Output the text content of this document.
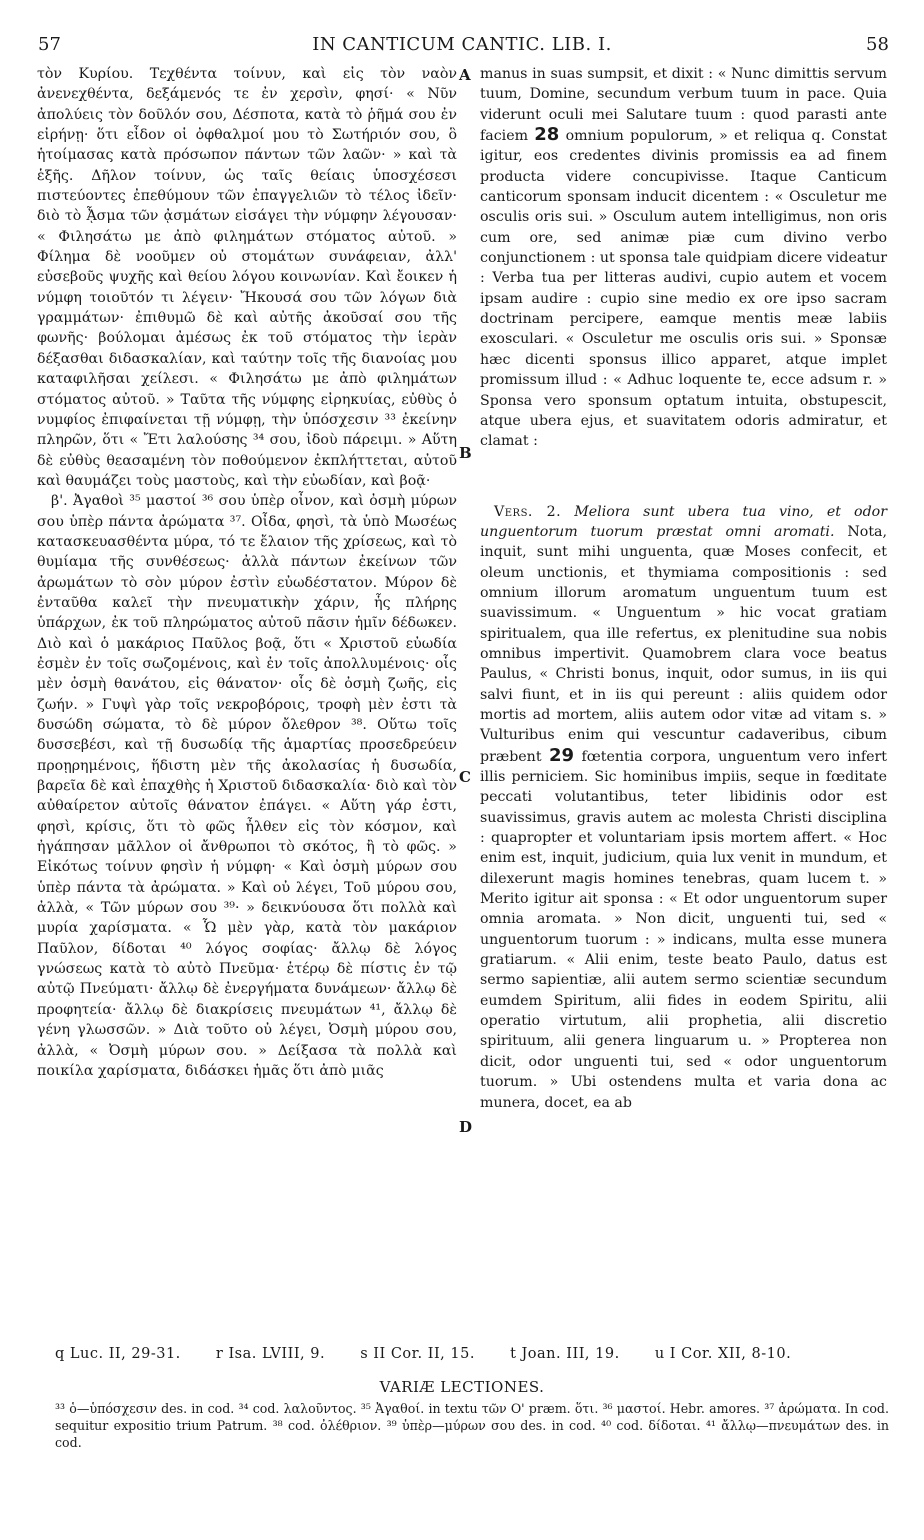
57	IN CANTICUM CANTIC. LIB. I.	58

τὸν Κυρίου. Τεχθέντα τοίνυν, καὶ εἰς τὸν ναὸν ἀνενεχθέντα, δεξάμενός τε ἐν χερσὶν, φησί· « Νῦν ἀπολύεις τὸν δοῦλόν σου, Δέσποτα, κατὰ τὸ ῥῆμά σου ἐν εἰρήνῃ· ὅτι εἶδον οἱ ὀφθαλμοί μου τὸ Σωτήριόν σου, ὃ ἡτοίμασας κατὰ πρόσωπον πάντων τῶν λαῶν· » καὶ τὰ ἑξῆς. Δῆλον τοίνυν, ὡς ταῖς θείαις ὑποσχέσεσι πιστεύοντες ἐπεθύμουν τῶν ἐπαγγελιῶν τὸ τέλος ἰδεῖν· διὸ τὸ ᾎσμα τῶν ᾀσμάτων εἰσάγει τὴν νύμφην λέγουσαν· « Φιλησάτω με ἀπὸ φιλημάτων στόματος αὐτοῦ. » Φίλημα δὲ νοοῦμεν οὐ στομάτων συνάφειαν, ἀλλ' εὐσεβοῦς ψυχῆς καὶ θείου λόγου κοινωνίαν. Καὶ ἔοικεν ἡ νύμφη τοιοῦτόν τι λέγειν· Ἤκουσά σου τῶν λόγων διὰ γραμμάτων· ἐπιθυμῶ δὲ καὶ αὐτῆς ἀκοῦσαί σου τῆς φωνῆς· βούλομαι ἀμέσως ἐκ τοῦ στόματος τὴν ἱερὰν δέξασθαι διδασκαλίαν, καὶ ταύτην τοῖς τῆς διανοίας μου καταφιλῆσαι χείλεσι. « Φιλησάτω με ἀπὸ φιλημάτων στόματος αὐτοῦ. » Ταῦτα τῆς νύμφης εἰρηκυίας, εὐθὺς ὁ νυμφίος ἐπιφαίνεται τῇ νύμφῃ, τὴν ὑπόσχεσιν ³³ ἐκείνην πληρῶν, ὅτι « Ἔτι λαλούσης ³⁴ σου, ἰδοὺ πάρειμι. » Αὕτη δὲ εὐθὺς θεασαμένη τὸν ποθούμενον ἐκπλήττεται, αὐτοῦ καὶ θαυμάζει τοὺς μαστοὺς, καὶ τὴν εὐωδίαν, καὶ βοᾷ·

β'. Ἀγαθοὶ ³⁵ μαστοί ³⁶ σου ὑπὲρ οἶνον, καὶ ὀσμὴ μύρων σου ὑπὲρ πάντα ἀρώματα ³⁷. Οἶδα, φησὶ, τὰ ὑπὸ Μωσέως κατασκευασθέντα μύρα, τό τε ἔλαιον τῆς χρίσεως, καὶ τὸ θυμίαμα τῆς συνθέσεως· ἀλλὰ πάντων ἐκείνων τῶν ἀρωμάτων τὸ σὸν μύρον ἐστὶν εὐωδέστατον. Μύρον δὲ ἐνταῦθα καλεῖ τὴν πνευματικὴν χάριν, ἧς πλήρης ὑπάρχων, ἐκ τοῦ πληρώματος αὐτοῦ πᾶσιν ἡμῖν δέδωκεν. Διὸ καὶ ὁ μακάριος Παῦλος βοᾷ, ὅτι « Χριστοῦ εὐωδία ἐσμὲν ἐν τοῖς σωζομένοις, καὶ ἐν τοῖς ἀπολλυμένοις· οἷς μὲν ὀσμὴ θανάτου, εἰς θάνατον· οἷς δὲ ὀσμὴ ζωῆς, εἰς ζωήν. » Γυψὶ γὰρ τοῖς νεκροβόροις, τροφὴ μὲν ἐστι τὰ δυσώδη σώματα, τὸ δὲ μύρον ὄλεθρον ³⁸. Οὕτω τοῖς δυσσεβέσι, καὶ τῇ δυσωδίᾳ τῆς ἁμαρτίας προσεδρεύειν προῃρημένοις, ἥδιστη μὲν τῆς ἀκολασίας ἡ δυσωδία, βαρεῖα δὲ καὶ ἐπαχθὴς ἡ Χριστοῦ διδασκαλία· διὸ καὶ τὸν αὐθαίρετον αὐτοῖς θάνατον ἐπάγει. « Αὕτη γάρ ἐστι, φησὶ, κρίσις, ὅτι τὸ φῶς ἦλθεν εἰς τὸν κόσμον, καὶ ἠγάπησαν μᾶλλον οἱ ἄνθρωποι τὸ σκότος, ἢ τὸ φῶς. » Εἰκότως τοίνυν φησὶν ἡ νύμφη· « Καὶ ὀσμὴ μύρων σου ὑπὲρ πάντα τὰ ἀρώματα. » Καὶ οὐ λέγει, Τοῦ μύρου σου, ἀλλὰ, « Τῶν μύρων σου ³⁹· » δεικνύουσα ὅτι πολλὰ καὶ μυρία χαρίσματα. « Ὧ μὲν γὰρ, κατὰ τὸν μακάριον Παῦλον, δίδοται ⁴⁰ λόγος σοφίας· ἄλλῳ δὲ λόγος γνώσεως κατὰ τὸ αὐτὸ Πνεῦμα· ἑτέρῳ δὲ πίστις ἐν τῷ αὐτῷ Πνεύματι· ἄλλῳ δὲ ἐνεργήματα δυνάμεων· ἄλλῳ δὲ προφητεία· ἄλλῳ δὲ διακρίσεις πνευμάτων ⁴¹, ἄλλῳ δὲ γένη γλωσσῶν. » Διὰ τοῦτο οὐ λέγει, Ὀσμὴ μύρου σου, ἀλλὰ, « Ὀσμὴ μύρων σου. » Δείξασα τὰ πολλὰ καὶ ποικίλα χαρίσματα, διδάσκει ἡμᾶς ὅτι ἀπὸ μιᾶς

A
B
C
D

manus in suas sumpsit, et dixit : « Nunc dimittis servum tuum, Domine, secundum verbum tuum in pace. Quia viderunt oculi mei Salutare tuum : quod parasti ante faciem 28 omnium populorum, » et reliqua q. Constat igitur, eos credentes divinis promissis ea ad finem producta videre concupivisse. Itaque Canticum canticorum sponsam inducit dicentem : « Osculetur me osculis oris sui. » Osculum autem intelligimus, non oris cum ore, sed animæ piæ cum divino verbo conjunctionem : ut sponsa tale quidpiam dicere videatur : Verba tua per litteras audivi, cupio autem et vocem ipsam audire : cupio sine medio ex ore ipso sacram doctrinam percipere, eamque mentis meæ labiis exosculari. « Osculetur me osculis oris sui. » Sponsæ hæc dicenti sponsus illico apparet, atque implet promissum illud : « Adhuc loquente te, ecce adsum r. » Sponsa vero sponsum optatum intuita, obstupescit, atque ubera ejus, et suavitatem odoris admiratur, et clamat :

Vers. 2. Meliora sunt ubera tua vino, et odor unguentorum tuorum præstat omni aromati. Nota, inquit, sunt mihi unguenta, quæ Moses confecit, et oleum unctionis, et thymiama compositionis : sed omnium illorum aromatum unguentum tuum est suavissimum. « Unguentum » hic vocat gratiam spiritualem, qua ille refertus, ex plenitudine sua nobis omnibus impertivit. Quamobrem clara voce beatus Paulus, « Christi bonus, inquit, odor sumus, in iis qui salvi fiunt, et in iis qui pereunt : aliis quidem odor mortis ad mortem, aliis autem odor vitæ ad vitam s. » Vulturibus enim qui vescuntur cadaveribus, cibum præbent 29 fœtentia corpora, unguentum vero infert illis perniciem. Sic hominibus impiis, seque in fœditate peccati volutantibus, teter libidinis odor est suavissimus, gravis autem ac molesta Christi disciplina : quapropter et voluntariam ipsis mortem affert. « Hoc enim est, inquit, judicium, quia lux venit in mundum, et dilexerunt magis homines tenebras, quam lucem t. » Merito igitur ait sponsa : « Et odor unguentorum super omnia aromata. » Non dicit, unguenti tui, sed « unguentorum tuorum : » indicans, multa esse munera gratiarum. « Alii enim, teste beato Paulo, datus est sermo sapientiæ, alii autem sermo scientiæ secundum eumdem Spiritum, alii fides in eodem Spiritu, alii operatio virtutum, alii prophetia, alii discretio spirituum, alii genera linguarum u. » Propterea non dicit, odor unguenti tui, sed « odor unguentorum tuorum. » Ubi ostendens multa et varia dona ac munera, docet, ea ab

q Luc. II, 29-31. r Isa. LVIII, 9. s II Cor. II, 15. t Joan. III, 19. u I Cor. XII, 8-10.
VARIÆ LECTIONES.
³³ ὁ—ὑπόσχεσιν des. in cod. ³⁴ cod. λαλοῦντος. ³⁵ Ἀγαθοί. in textu τῶν Ο' præm. ὅτι. ³⁶ μαστοί. Hebr. amores. ³⁷ ἀρώματα. In cod. sequitur expositio trium Patrum. ³⁸ cod. ὀλέθριον. ³⁹ ὑπὲρ—μύρων σου des. in cod. ⁴⁰ cod. δίδοται. ⁴¹ ἄλλῳ—πνευμάτων des. in cod.
